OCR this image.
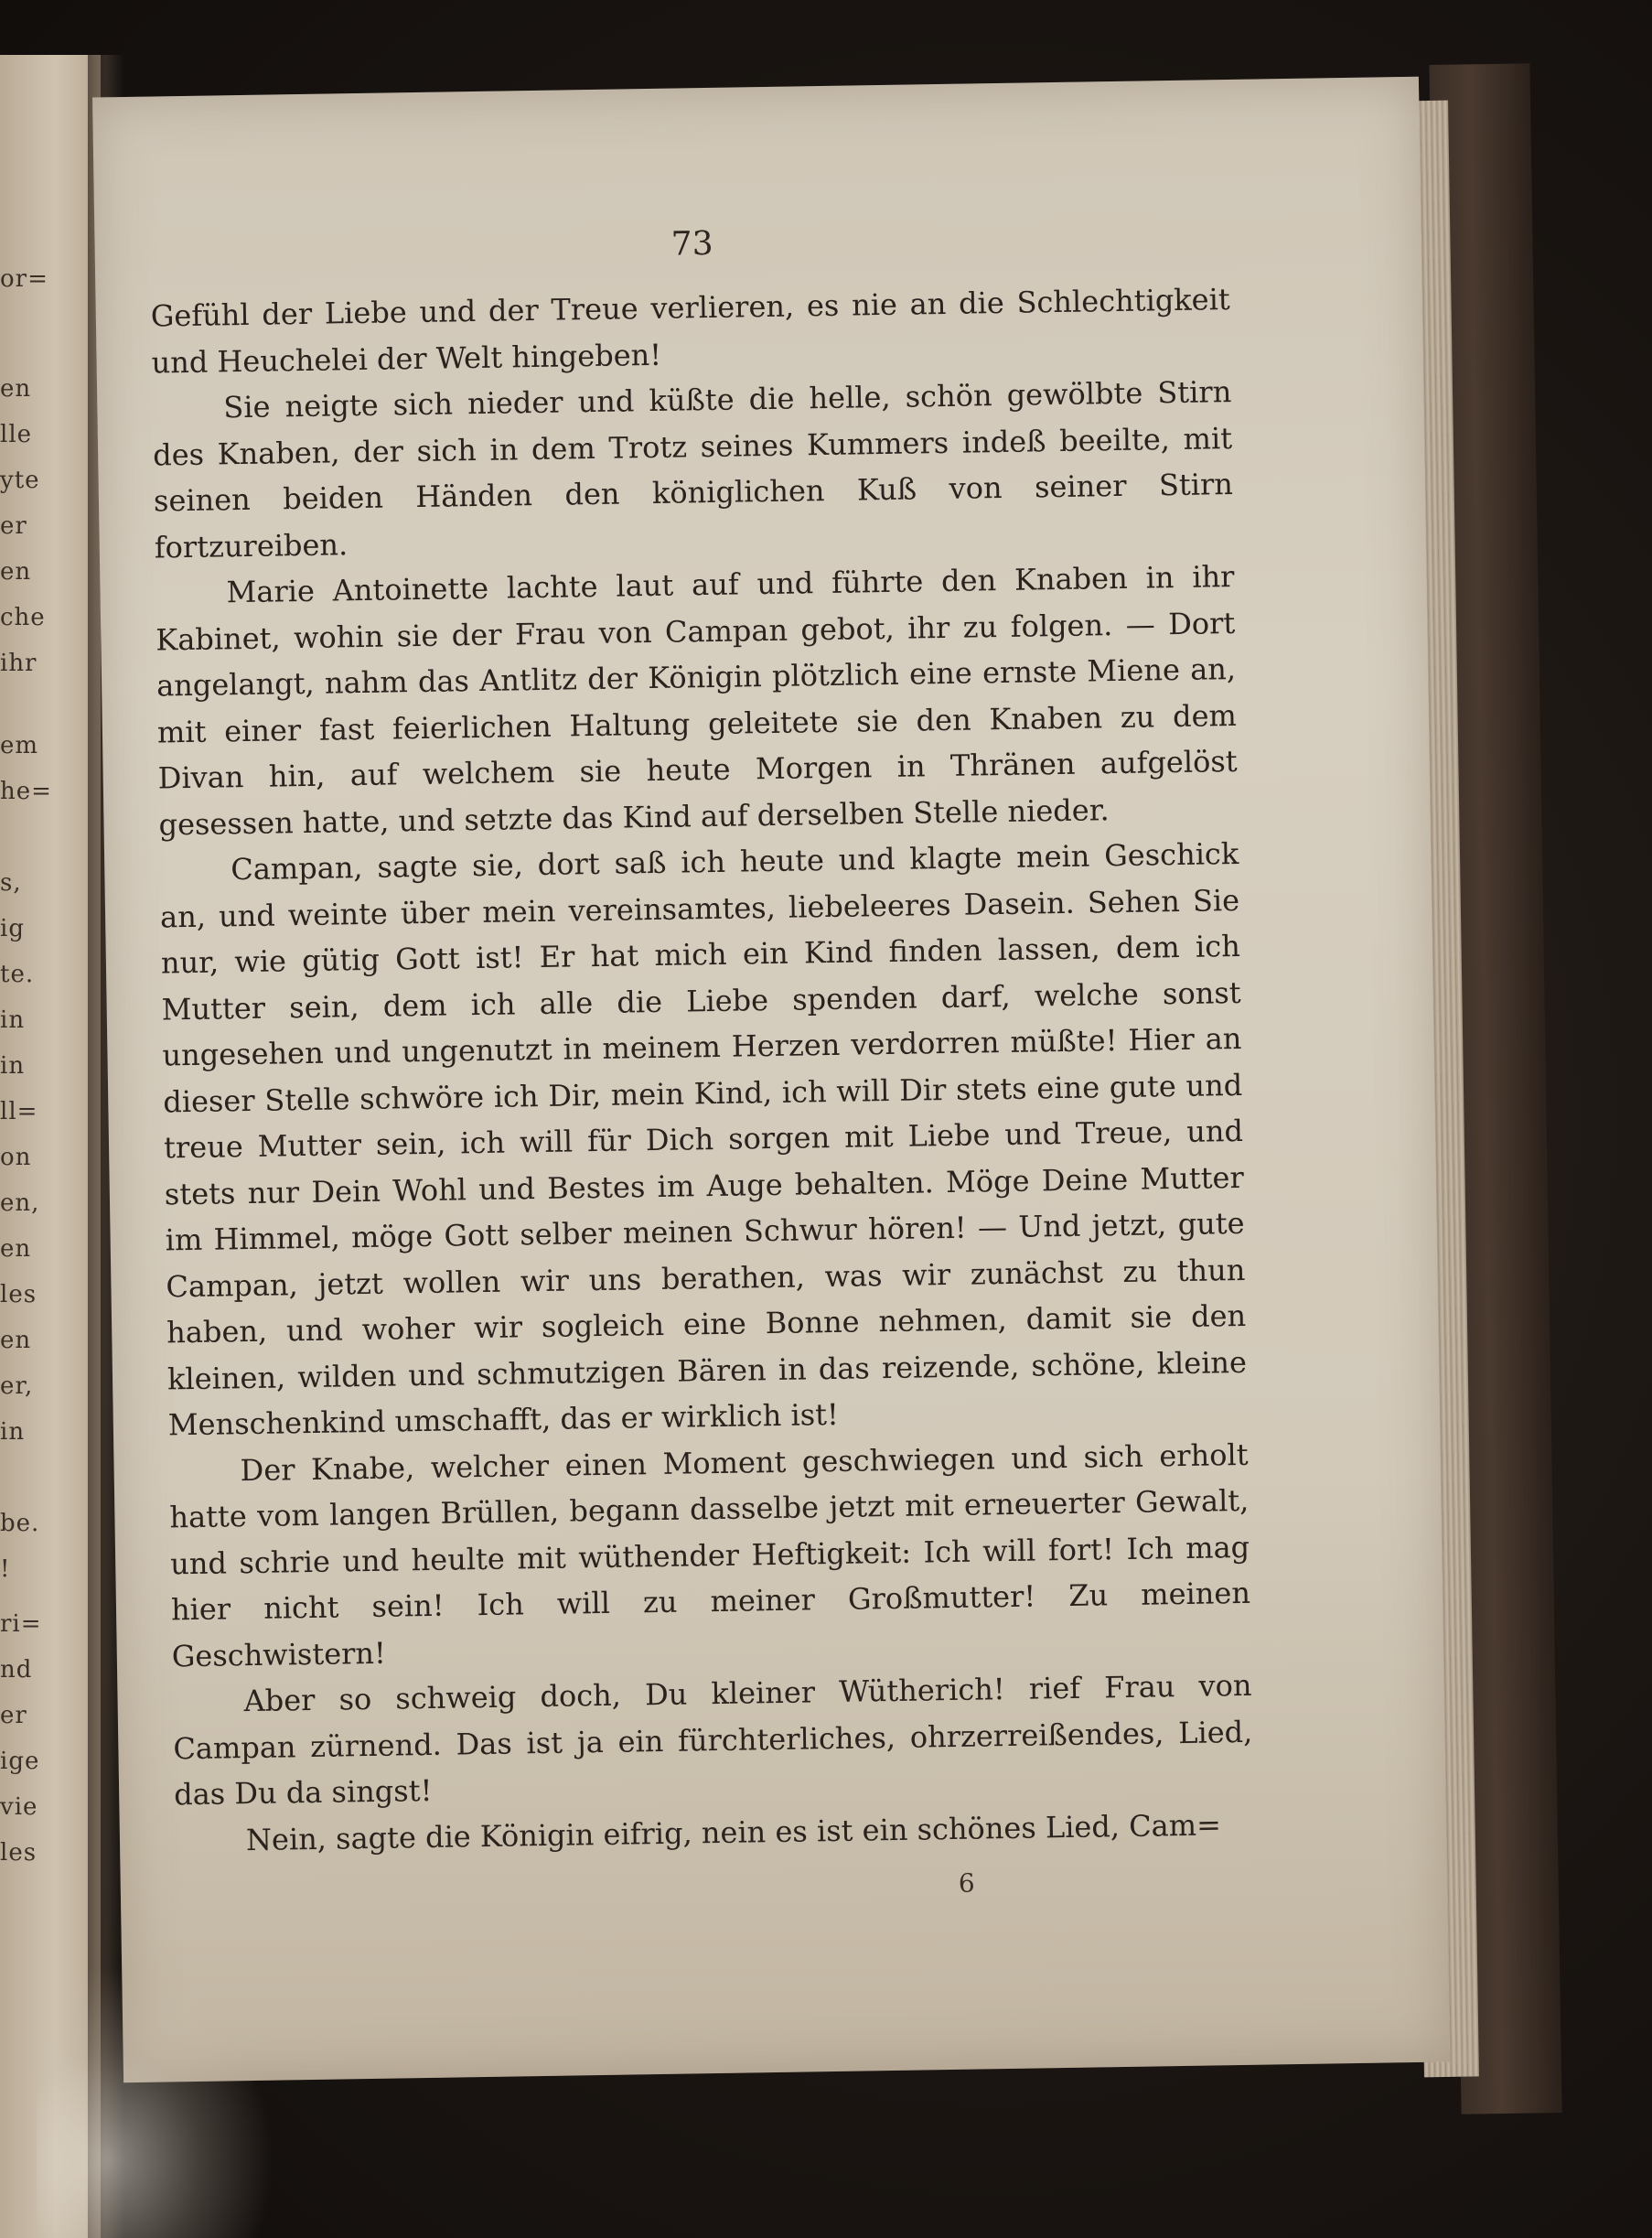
or=
en
lle
yte
er
en
che
ihr
em
he=
s,
ig
te.
in
in
ll=
on
en,
en
les
en
er,
in
be.
!
ri=
nd
er
ige
vie
les
73

Gefühl der Liebe und der Treue verlieren, es nie an die Schlechtigkeit und Heuchelei der Welt hingeben!

Sie neigte sich nieder und küßte die helle, schön gewölbte Stirn des Knaben, der sich in dem Trotz seines Kummers indeß beeilte, mit seinen beiden Händen den königlichen Kuß von seiner Stirn fortzureiben.

Marie Antoinette lachte laut auf und führte den Knaben in ihr Kabinet, wohin sie der Frau von Campan gebot, ihr zu folgen. — Dort angelangt, nahm das Antlitz der Königin plötzlich eine ernste Miene an, mit einer fast feierlichen Haltung geleitete sie den Knaben zu dem Divan hin, auf welchem sie heute Morgen in Thränen aufgelöst gesessen hatte, und setzte das Kind auf derselben Stelle nieder.

Campan, sagte sie, dort saß ich heute und klagte mein Geschick an, und weinte über mein vereinsamtes, liebeleeres Dasein. Sehen Sie nur, wie gütig Gott ist! Er hat mich ein Kind finden lassen, dem ich Mutter sein, dem ich alle die Liebe spenden darf, welche sonst ungesehen und ungenutzt in meinem Herzen verdorren müßte! Hier an dieser Stelle schwöre ich Dir, mein Kind, ich will Dir stets eine gute und treue Mutter sein, ich will für Dich sorgen mit Liebe und Treue, und stets nur Dein Wohl und Bestes im Auge behalten. Möge Deine Mutter im Himmel, möge Gott selber meinen Schwur hören! — Und jetzt, gute Campan, jetzt wollen wir uns berathen, was wir zunächst zu thun haben, und woher wir sogleich eine Bonne nehmen, damit sie den kleinen, wilden und schmutzigen Bären in das reizende, schöne, kleine Menschenkind umschafft, das er wirklich ist!

Der Knabe, welcher einen Moment geschwiegen und sich erholt hatte vom langen Brüllen, begann dasselbe jetzt mit erneuerter Gewalt, und schrie und heulte mit wüthender Heftigkeit: Ich will fort! Ich mag hier nicht sein! Ich will zu meiner Großmutter! Zu meinen Geschwistern!

Aber so schweig doch, Du kleiner Wütherich! rief Frau von Campan zürnend. Das ist ja ein fürchterliches, ohrzerreißendes, Lied, das Du da singst!

Nein, sagte die Königin eifrig, nein es ist ein schönes Lied, Cam=

6
